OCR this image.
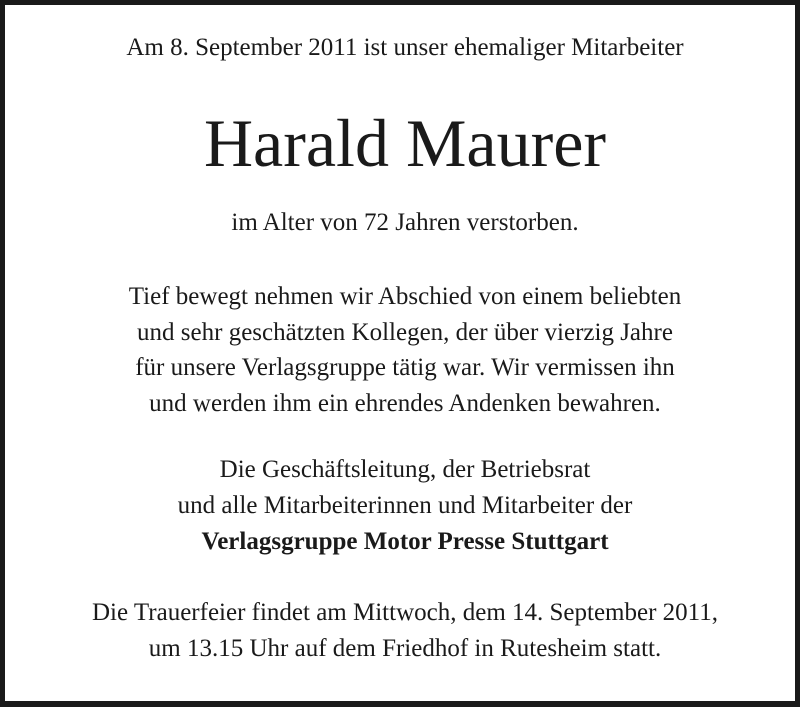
Am 8. September 2011 ist unser ehemaliger Mitarbeiter
Harald Maurer
im Alter von 72 Jahren verstorben.
Tief bewegt nehmen wir Abschied von einem beliebten
und sehr geschätzten Kollegen, der über vierzig Jahre
für unsere Verlagsgruppe tätig war. Wir vermissen ihn
und werden ihm ein ehrendes Andenken bewahren.
Die Geschäftsleitung, der Betriebsrat
und alle Mitarbeiterinnen und Mitarbeiter der
Verlagsgruppe Motor Presse Stuttgart
Die Trauerfeier findet am Mittwoch, dem 14. September 2011,
um 13.15 Uhr auf dem Friedhof in Rutesheim statt.
